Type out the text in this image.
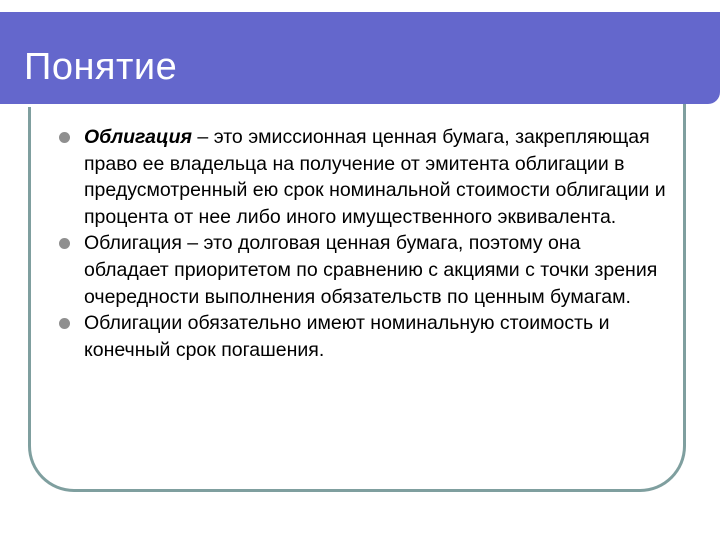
Понятие

Облигация – это эмиссионная ценная бумага, закрепляющая право ее владельца на получение от эмитента облигации в предусмотренный ею срок номинальной стоимости облигации и процента от нее либо иного имущественного эквивалента.

Облигация – это долговая ценная бумага, поэтому она обладает приоритетом по сравнению с акциями с точки зрения очередности выполнения обязательств по ценным бумагам.

Облигации обязательно имеют номинальную стоимость и конечный срок погашения.
